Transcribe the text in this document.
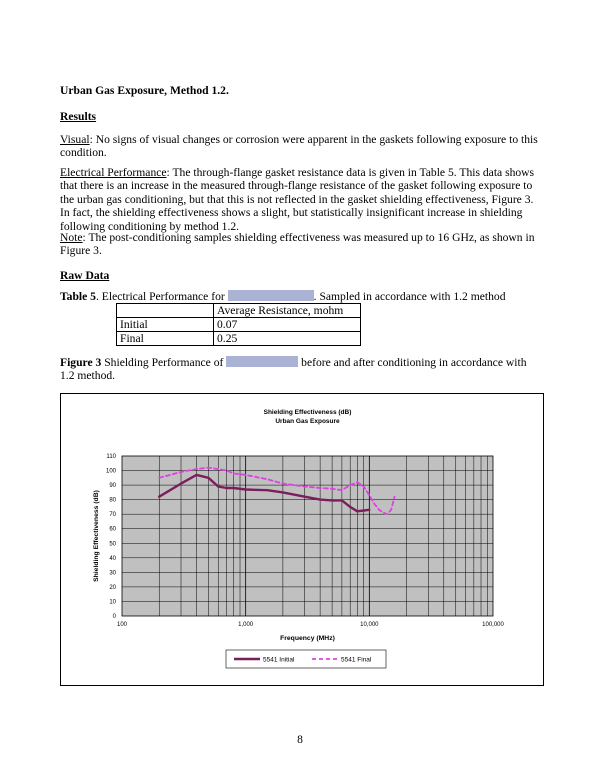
Urban Gas Exposure, Method 1.2.
Results
Visual: No signs of visual changes or corrosion were apparent in the gaskets following exposure to this condition.
Electrical Performance: The through-flange gasket resistance data is given in Table 5. This data shows that there is an increase in the measured through-flange resistance of the gasket following exposure to the urban gas conditioning, but that this is not reflected in the gasket shielding effectiveness, Figure 3. In fact, the shielding effectiveness shows a slight, but statistically insignificant increase in shielding following conditioning by method 1.2.
Note: The post-conditioning samples shielding effectiveness was measured up to 16 GHz, as shown in Figure 3.
Raw Data
Table 5. Electrical Performance for	. Sampled in accordance with 1.2 method
	Average Resistance, mohm
Initial	0.07
Final	0.25
Figure 3 Shielding Performance of	before and after conditioning in accordance with 1.2 method.
Shielding Effectiveness (dB)
Urban Gas Exposure
0
10
20
30
40
50
60
70
80
90
100
110
100	1,000	10,000	100,000
Frequency (MHz)
Shielding Effectiveness (dB)
5541 Initial	5541 Final
8
